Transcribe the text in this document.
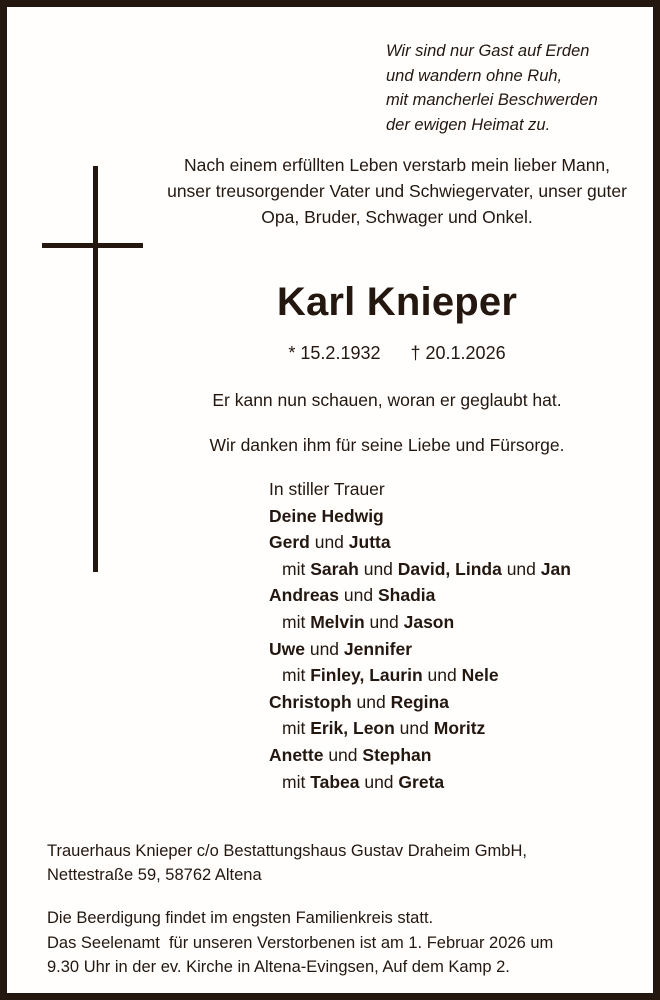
Wir sind nur Gast auf Erden
und wandern ohne Ruh,
mit mancherlei Beschwerden
der ewigen Heimat zu.
Nach einem erfüllten Leben verstarb mein lieber Mann, unser treusorgender Vater und Schwiegervater, unser guter Opa, Bruder, Schwager und Onkel.
Karl Knieper
* 15.2.1932      † 20.1.2026
Er kann nun schauen, woran er geglaubt hat.
Wir danken ihm für seine Liebe und Fürsorge.
In stiller Trauer
Deine Hedwig
Gerd und Jutta
mit Sarah und David, Linda und Jan
Andreas und Shadia
mit Melvin und Jason
Uwe und Jennifer
mit Finley, Laurin und Nele
Christoph und Regina
mit Erik, Leon und Moritz
Anette und Stephan
mit Tabea und Greta
Trauerhaus Knieper c/o Bestattungshaus Gustav Draheim GmbH,
Nettestraße 59, 58762 Altena
Die Beerdigung findet im engsten Familienkreis statt.
Das Seelenamt  für unseren Verstorbenen ist am 1. Februar 2026 um
9.30 Uhr in der ev. Kirche in Altena-Evingsen, Auf dem Kamp 2.
